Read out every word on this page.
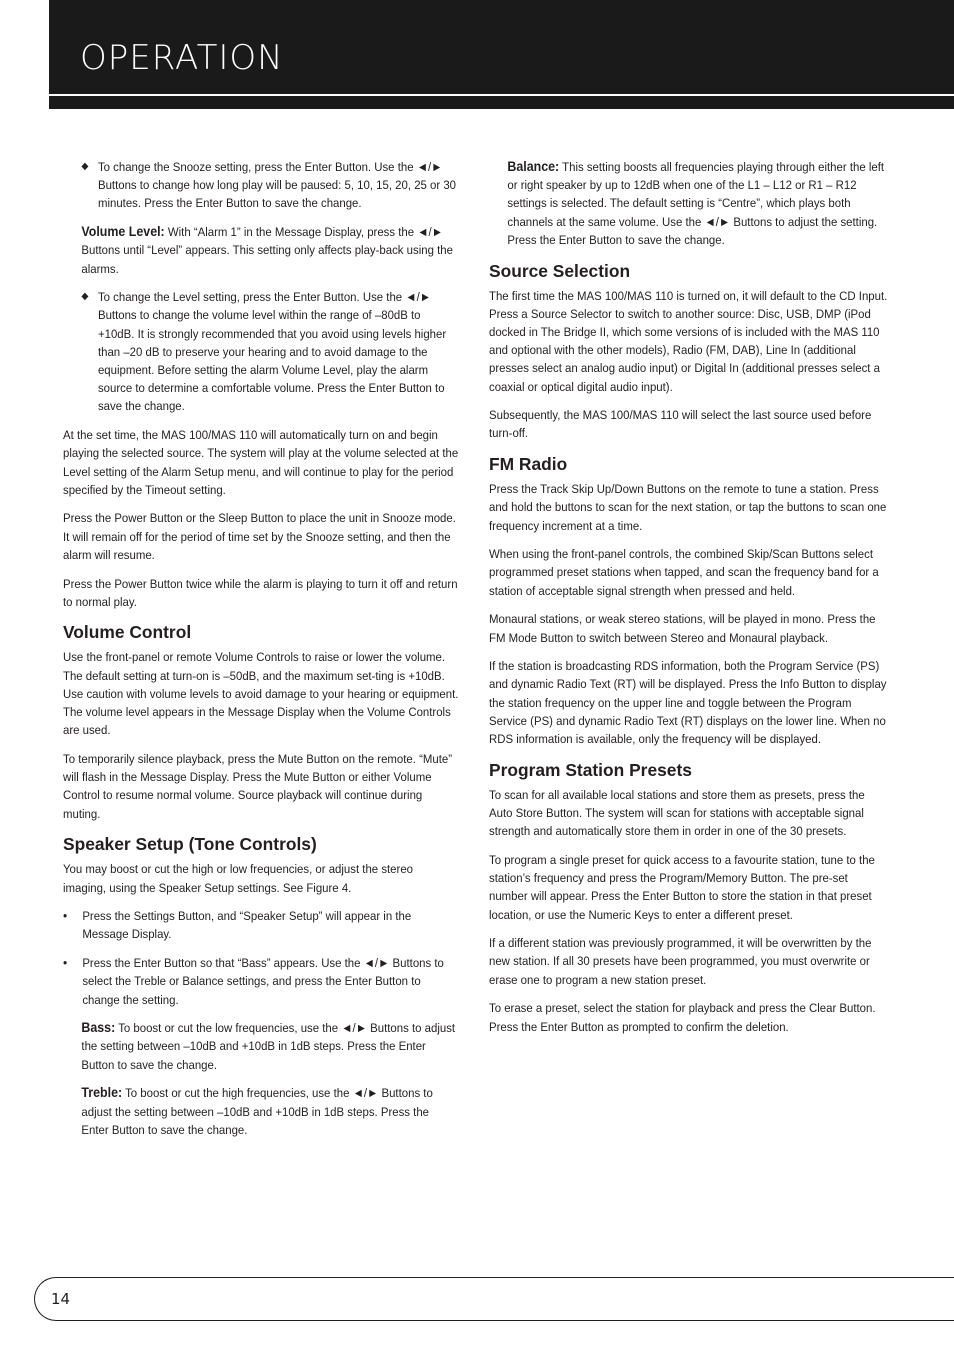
OPERATION

◆ To change the Snooze setting, press the Enter Button. Use the ◄/► Buttons to change how long play will be paused: 5, 10, 15, 20, 25 or 30 minutes. Press the Enter Button to save the change.

Volume Level: With “Alarm 1” in the Message Display, press the ◄/► Buttons until “Level” appears. This setting only affects play-back using the alarms.

◆ To change the Level setting, press the Enter Button. Use the ◄/► Buttons to change the volume level within the range of –80dB to +10dB. It is strongly recommended that you avoid using levels higher than –20 dB to preserve your hearing and to avoid damage to the equipment. Before setting the alarm Volume Level, play the alarm source to determine a comfortable volume. Press the Enter Button to save the change.

At the set time, the MAS 100/MAS 110 will automatically turn on and begin playing the selected source. The system will play at the volume selected at the Level setting of the Alarm Setup menu, and will continue to play for the period specified by the Timeout setting.

Press the Power Button or the Sleep Button to place the unit in Snooze mode. It will remain off for the period of time set by the Snooze setting, and then the alarm will resume.

Press the Power Button twice while the alarm is playing to turn it off and return to normal play.

Volume Control

Use the front-panel or remote Volume Controls to raise or lower the volume. The default setting at turn-on is –50dB, and the maximum set-ting is +10dB. Use caution with volume levels to avoid damage to your hearing or equipment. The volume level appears in the Message Display when the Volume Controls are used.

To temporarily silence playback, press the Mute Button on the remote. “Mute” will flash in the Message Display. Press the Mute Button or either Volume Control to resume normal volume. Source playback will continue during muting.

Speaker Setup (Tone Controls)

You may boost or cut the high or low frequencies, or adjust the stereo imaging, using the Speaker Setup settings. See Figure 4.

• Press the Settings Button, and “Speaker Setup” will appear in the Message Display.

• Press the Enter Button so that “Bass” appears. Use the ◄/► Buttons to select the Treble or Balance settings, and press the Enter Button to change the setting.

Bass: To boost or cut the low frequencies, use the ◄/► Buttons to adjust the setting between –10dB and +10dB in 1dB steps. Press the Enter Button to save the change.

Treble: To boost or cut the high frequencies, use the ◄/► Buttons to adjust the setting between –10dB and +10dB in 1dB steps. Press the Enter Button to save the change.

Balance: This setting boosts all frequencies playing through either the left or right speaker by up to 12dB when one of the L1 – L12 or R1 – R12 settings is selected. The default setting is “Centre”, which plays both channels at the same volume. Use the ◄/► Buttons to adjust the setting. Press the Enter Button to save the change.

Source Selection

The first time the MAS 100/MAS 110 is turned on, it will default to the CD Input. Press a Source Selector to switch to another source: Disc, USB, DMP (iPod docked in The Bridge II, which some versions of is included with the MAS 110 and optional with the other models), Radio (FM, DAB), Line In (additional presses select an analog audio input) or Digital In (additional presses select a coaxial or optical digital audio input).

Subsequently, the MAS 100/MAS 110 will select the last source used before turn-off.

FM Radio

Press the Track Skip Up/Down Buttons on the remote to tune a station. Press and hold the buttons to scan for the next station, or tap the buttons to scan one frequency increment at a time.

When using the front-panel controls, the combined Skip/Scan Buttons select programmed preset stations when tapped, and scan the frequency band for a station of acceptable signal strength when pressed and held.

Monaural stations, or weak stereo stations, will be played in mono. Press the FM Mode Button to switch between Stereo and Monaural playback.

If the station is broadcasting RDS information, both the Program Service (PS) and dynamic Radio Text (RT) will be displayed. Press the Info Button to display the station frequency on the upper line and toggle between the Program Service (PS) and dynamic Radio Text (RT) displays on the lower line. When no RDS information is available, only the frequency will be displayed.

Program Station Presets

To scan for all available local stations and store them as presets, press the Auto Store Button. The system will scan for stations with acceptable signal strength and automatically store them in order in one of the 30 presets.

To program a single preset for quick access to a favourite station, tune to the station’s frequency and press the Program/Memory Button. The pre-set number will appear. Press the Enter Button to store the station in that preset location, or use the Numeric Keys to enter a different preset.

If a different station was previously programmed, it will be overwritten by the new station. If all 30 presets have been programmed, you must overwrite or erase one to program a new station preset.

To erase a preset, select the station for playback and press the Clear Button. Press the Enter Button as prompted to confirm the deletion.

14
